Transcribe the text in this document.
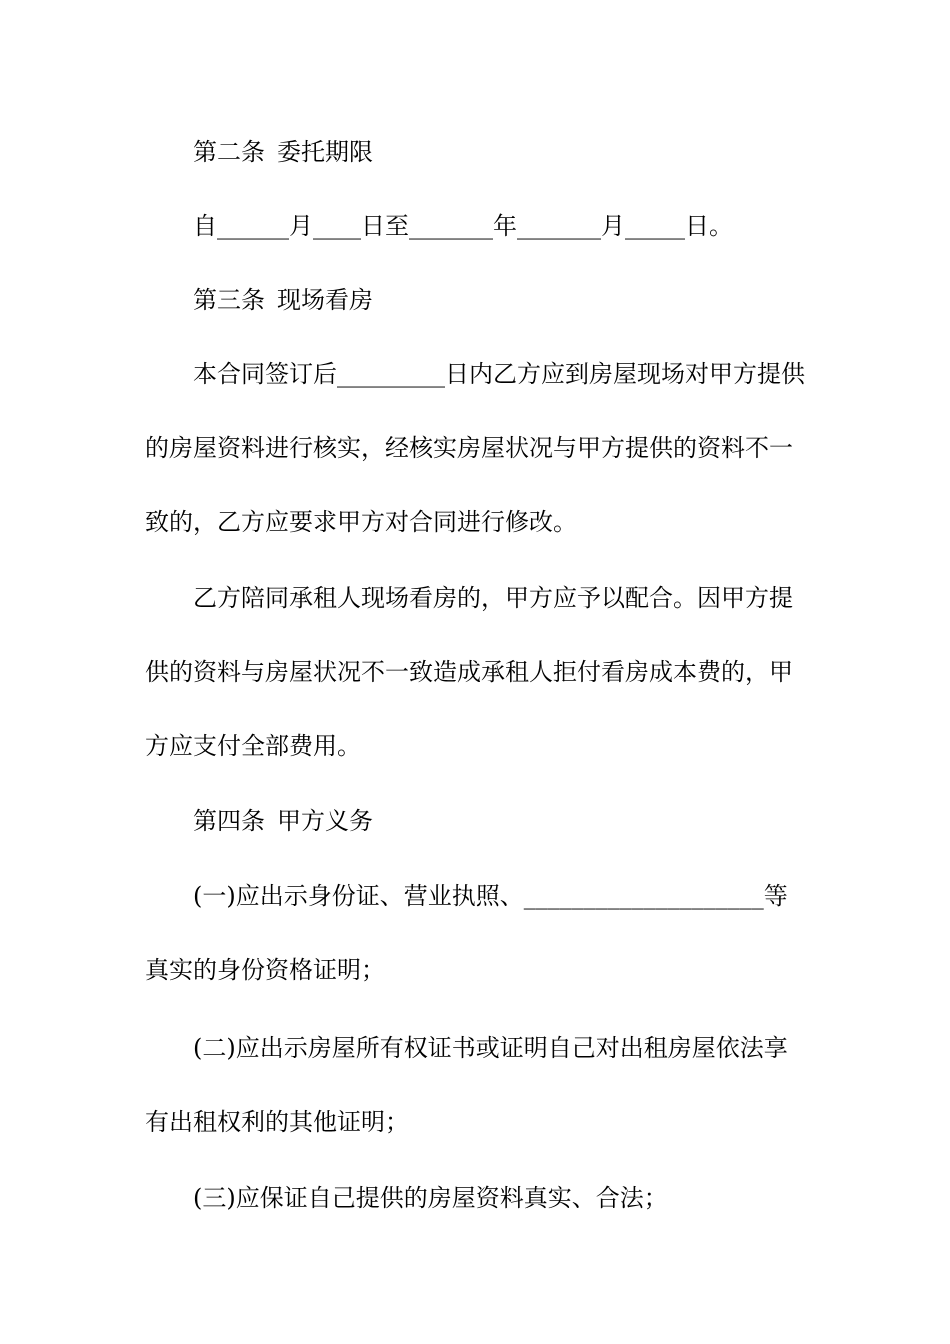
第二条 委托期限
自______月____日至_______年_______月_____日。
第三条 现场看房
本合同签订后_________日内乙方应到房屋现场对甲方提供
的房屋资料进行核实，经核实房屋状况与甲方提供的资料不一
致的，乙方应要求甲方对合同进行修改。
乙方陪同承租人现场看房的，甲方应予以配合。因甲方提
供的资料与房屋状况不一致造成承租人拒付看房成本费的，甲
方应支付全部费用。
第四条 甲方义务
(一)应出示身份证、营业执照、____________________等
真实的身份资格证明；
(二)应出示房屋所有权证书或证明自己对出租房屋依法享
有出租权利的其他证明；
(三)应保证自己提供的房屋资料真实、合法；
